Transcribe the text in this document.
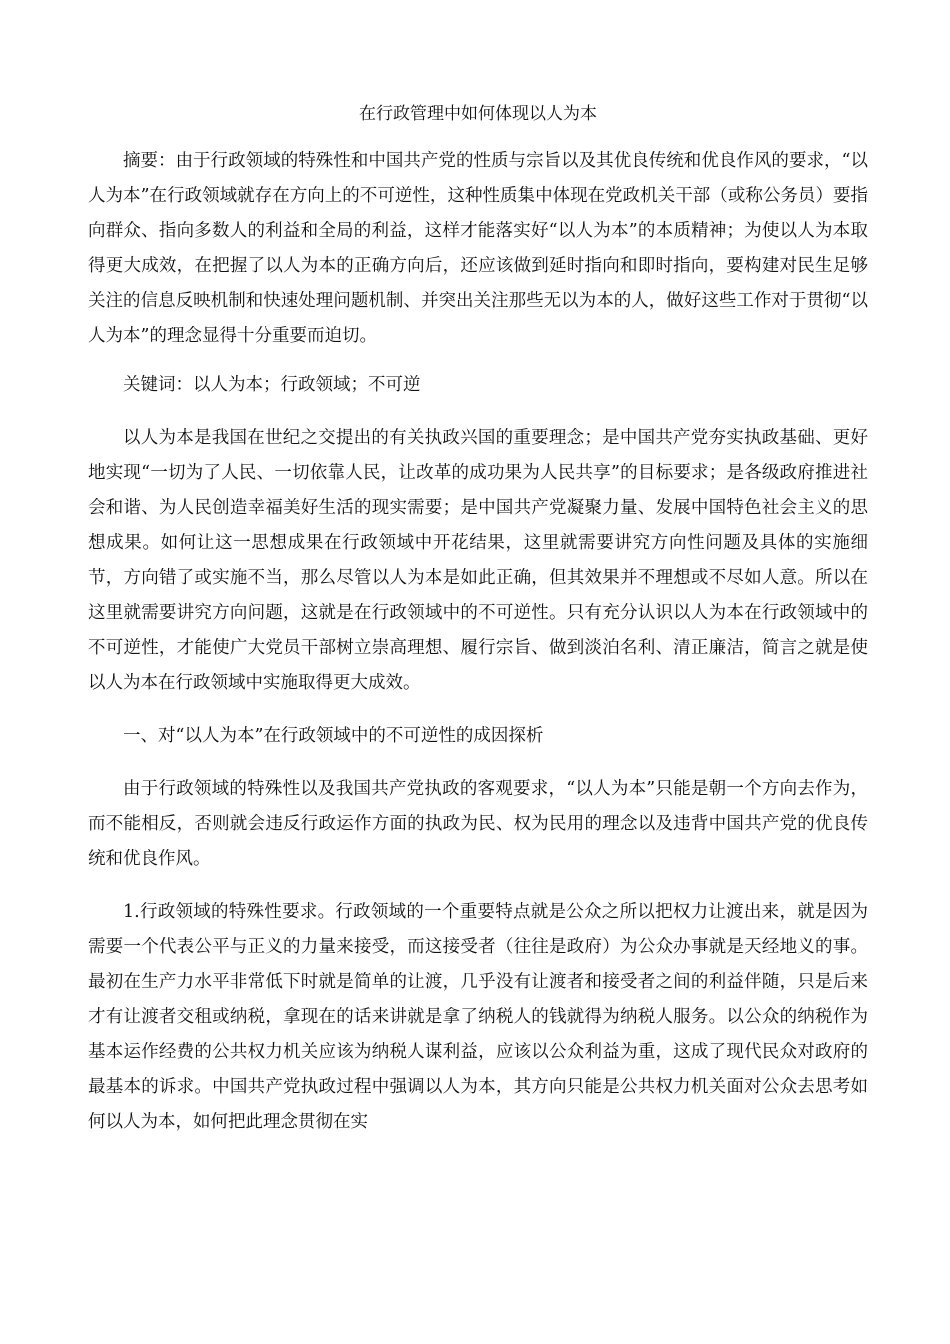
在行政管理中如何体现以人为本

摘要：由于行政领域的特殊性和中国共产党的性质与宗旨以及其优良传统和优良作风的要求，“以人为本”在行政领域就存在方向上的不可逆性，这种性质集中体现在党政机关干部（或称公务员）要指向群众、指向多数人的利益和全局的利益，这样才能落实好“以人为本”的本质精神；为使以人为本取得更大成效，在把握了以人为本的正确方向后，还应该做到延时指向和即时指向，要构建对民生足够关注的信息反映机制和快速处理问题机制、并突出关注那些无以为本的人，做好这些工作对于贯彻“以人为本”的理念显得十分重要而迫切。

关键词：以人为本；行政领域；不可逆

以人为本是我国在世纪之交提出的有关执政兴国的重要理念；是中国共产党夯实执政基础、更好地实现“一切为了人民、一切依靠人民，让改革的成功果为人民共享”的目标要求；是各级政府推进社会和谐、为人民创造幸福美好生活的现实需要；是中国共产党凝聚力量、发展中国特色社会主义的思想成果。如何让这一思想成果在行政领域中开花结果，这里就需要讲究方向性问题及具体的实施细节，方向错了或实施不当，那么尽管以人为本是如此正确，但其效果并不理想或不尽如人意。所以在这里就需要讲究方向问题，这就是在行政领域中的不可逆性。只有充分认识以人为本在行政领域中的不可逆性，才能使广大党员干部树立崇高理想、履行宗旨、做到淡泊名利、清正廉洁，简言之就是使以人为本在行政领域中实施取得更大成效。

一、对“以人为本”在行政领域中的不可逆性的成因探析

由于行政领域的特殊性以及我国共产党执政的客观要求，“以人为本”只能是朝一个方向去作为，而不能相反，否则就会违反行政运作方面的执政为民、权为民用的理念以及违背中国共产党的优良传统和优良作风。

1.行政领域的特殊性要求。行政领域的一个重要特点就是公众之所以把权力让渡出来，就是因为需要一个代表公平与正义的力量来接受，而这接受者（往往是政府）为公众办事就是天经地义的事。最初在生产力水平非常低下时就是简单的让渡，几乎没有让渡者和接受者之间的利益伴随，只是后来才有让渡者交租或纳税，拿现在的话来讲就是拿了纳税人的钱就得为纳税人服务。以公众的纳税作为基本运作经费的公共权力机关应该为纳税人谋利益，应该以公众利益为重，这成了现代民众对政府的最基本的诉求。中国共产党执政过程中强调以人为本，其方向只能是公共权力机关面对公众去思考如何以人为本，如何把此理念贯彻在实
